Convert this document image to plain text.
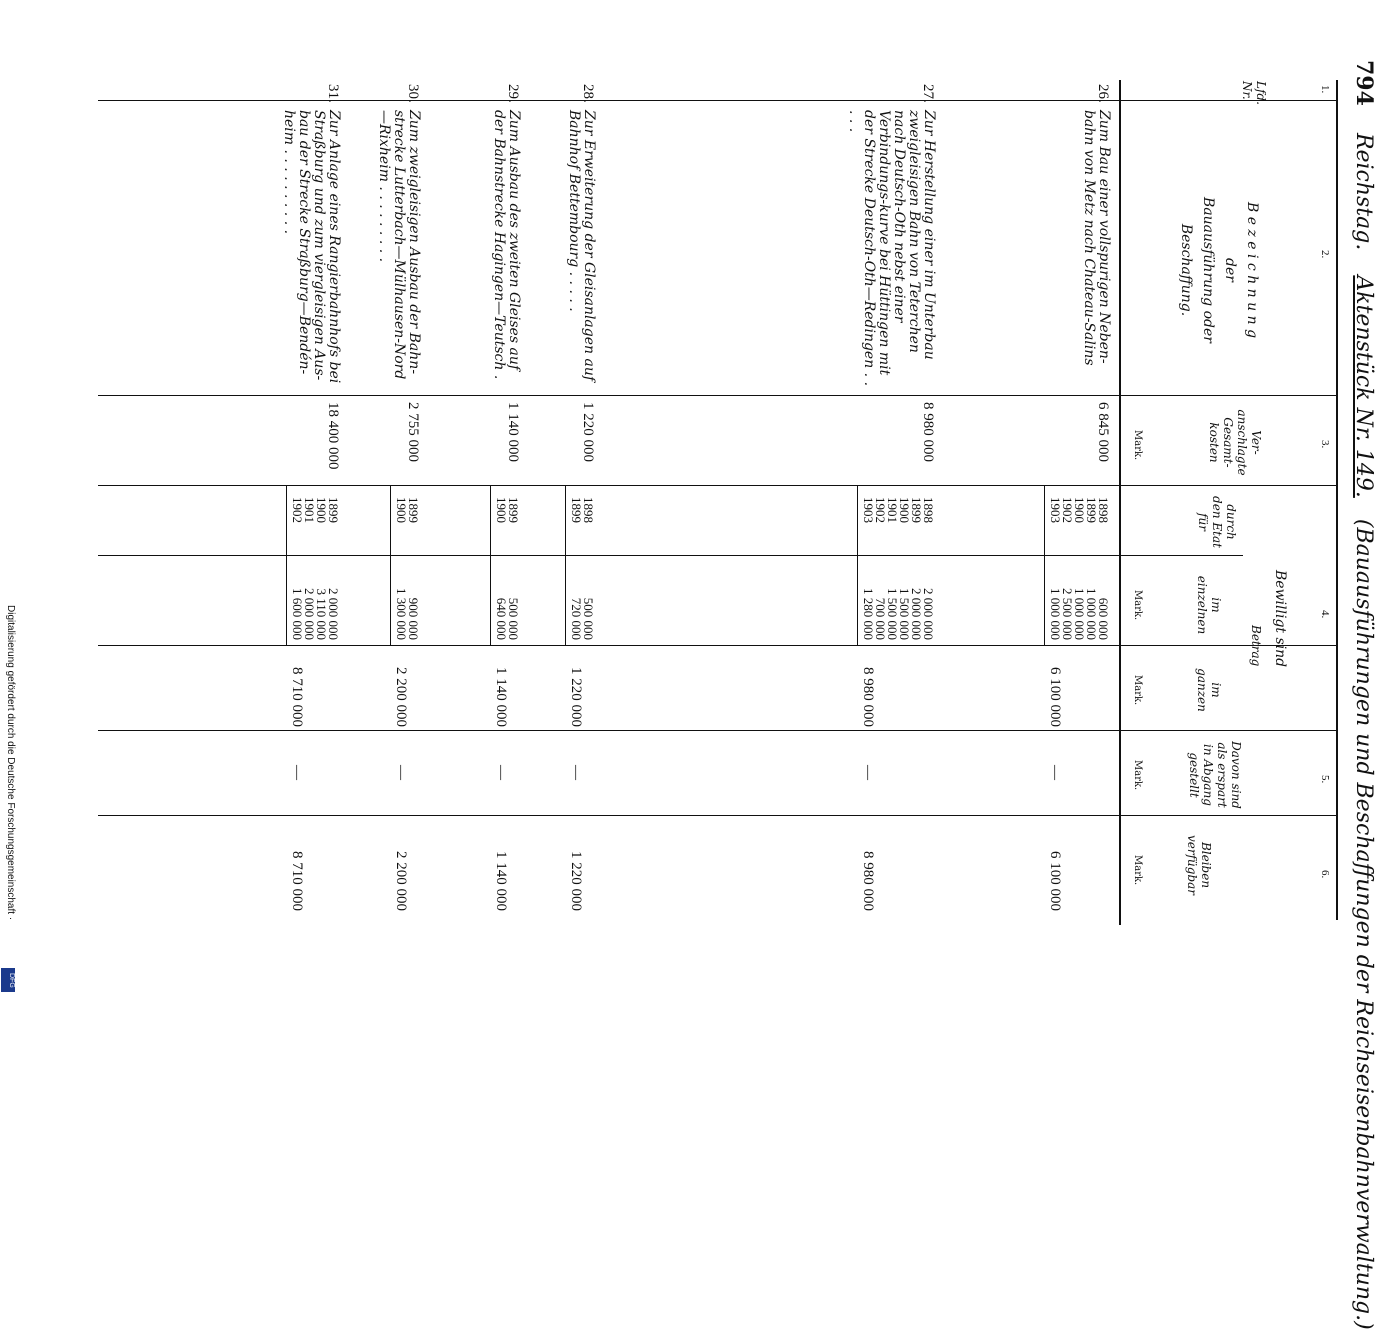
Digitalisierung gefördert durch die Deutsche Forschungsgemeinschaft ·
DFG
794 Reichstag. Aktenstück Nr. 149. (Bauausführungen und Beschaffungen der Reichseisenbahnverwaltung.)
1.
2.
3.
4.
5.
6.
Lfd.
Nr.
B e z e i c h n u n g
der
Bauausführung oder Beschaffung.
Ver-anschlagte Gesamt-kosten
Mark.
Bewilligt sind
durch den Etat für
Betrag
im einzelnen
Mark.
im ganzen
Mark.
Davon sind als erspart in Abgang gestellt
Mark.
Bleiben verfügbar
Mark.
26.
Zum Bau einer vollspurigen Neben-bahn von Metz nach Chateau-Salins
6 845 000
1898
1899
1900
1902
1903
600 000
1 000 000
1 000 000
2 500 000
1 000 000
6 100 000
—
6 100 000
27.
Zur Herstellung einer im Unterbau zweigleisigen Bahn von Teterchen nach Deutsch-Oth nebst einer Verbindungs-kurve bei Hüttingen mit der Strecke Deutsch-Oth—Redingen . . . . .
8 980 000
1898
1899
1900
1901
1902
1903
2 000 000
2 000 000
1 500 000
1 500 000
700 000
1 280 000
8 980 000
—
8 980 000
28.
Zur Erweiterung der Gleisanlagen auf Bahnhof Bettembourg . . . . .
1 220 000
1898
1899
500 000
720 000
1 220 000
—
1 220 000
29.
Zum Ausbau des zweiten Gleises auf der Bahnstrecke Hagingen—Teutsch .
1 140 000
1899
1900
500 000
640 000
1 140 000
—
1 140 000
30.
Zum zweigleisigen Ausbau der Bahn-strecke Lutterbach—Mülhausen-Nord—Rixheim . . . . . . . . .
2 755 000
1899
1900
900 000
1 300 000
2 200 000
—
2 200 000
31.
Zur Anlage eines Rangierbahnhofs bei Straßburg und zum viergleisigen Aus-bau der Strecke Straßburg—Bendén-heim . . . . . . . . . .
18 400 000
1899
1900
1901
1902
2 000 000
3 110 000
2 000 000
1 600 000
8 710 000
—
8 710 000
